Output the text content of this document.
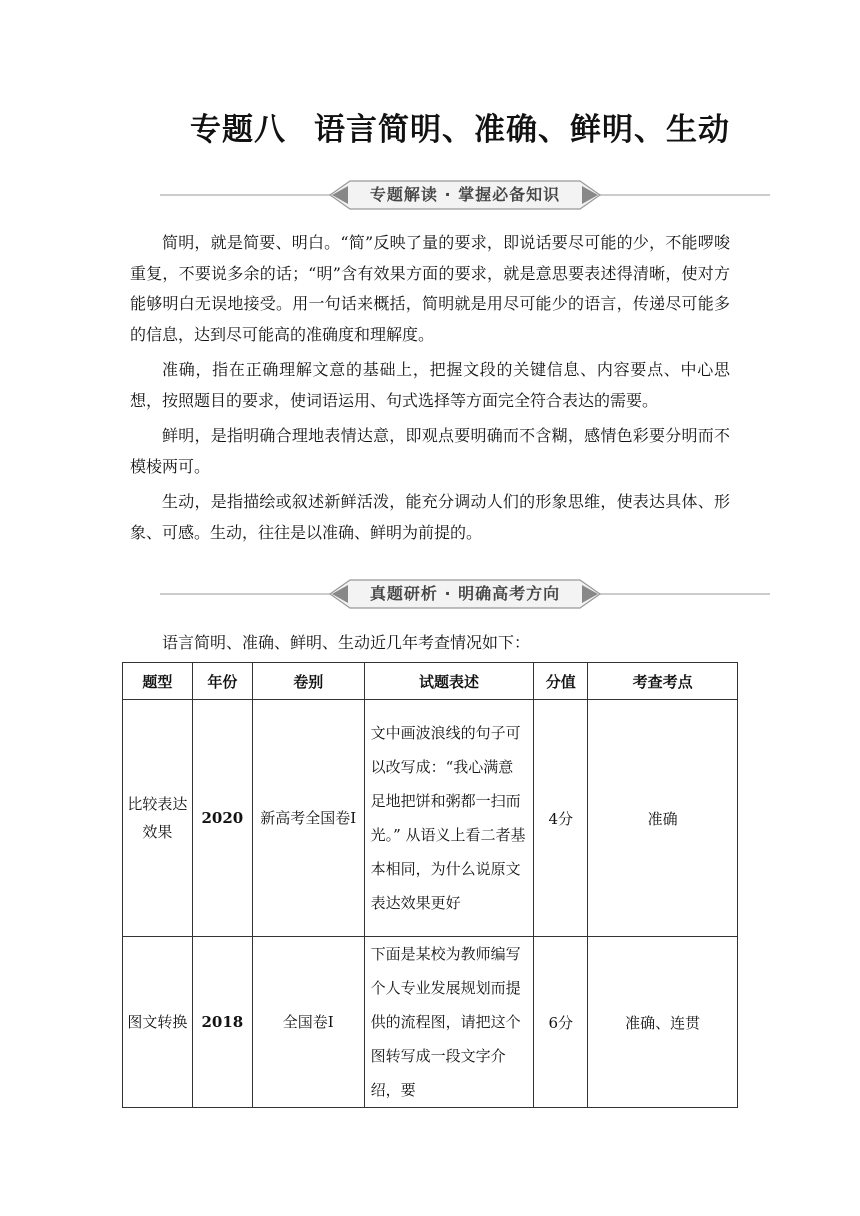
专题八 语言简明、准确、鲜明、生动
专题解读 · 掌握必备知识

简明，就是简要、明白。“简”反映了量的要求，即说话要尽可能的少，不能啰唆重复，不要说多余的话；“明”含有效果方面的要求，就是意思要表述得清晰，使对方能够明白无误地接受。用一句话来概括，简明就是用尽可能少的语言，传递尽可能多的信息，达到尽可能高的准确度和理解度。

准确，指在正确理解文意的基础上，把握文段的关键信息、内容要点、中心思想，按照题目的要求，使词语运用、句式选择等方面完全符合表达的需要。

鲜明，是指明确合理地表情达意，即观点要明确而不含糊，感情色彩要分明而不模棱两可。

生动，是指描绘或叙述新鲜活泼，能充分调动人们的形象思维，使表达具体、形象、可感。生动，往往是以准确、鲜明为前提的。

真题研析 · 明确高考方向
语言简明、准确、鲜明、生动近几年考查情况如下：
题型	年份	卷别	试题表述	分值	考查考点
比较表达效果	2020	新高考全国卷Ⅰ	文中画波浪线的句子可以改写成：“我心满意足地把饼和粥都一扫而光。” 从语义上看二者基本相同，为什么说原文表达效果更好	4分	准确
图文转换	2018	全国卷Ⅰ	下面是某校为教师编写个人专业发展规划而提供的流程图，请把这个图转写成一段文字介绍，要	6分	准确、连贯
